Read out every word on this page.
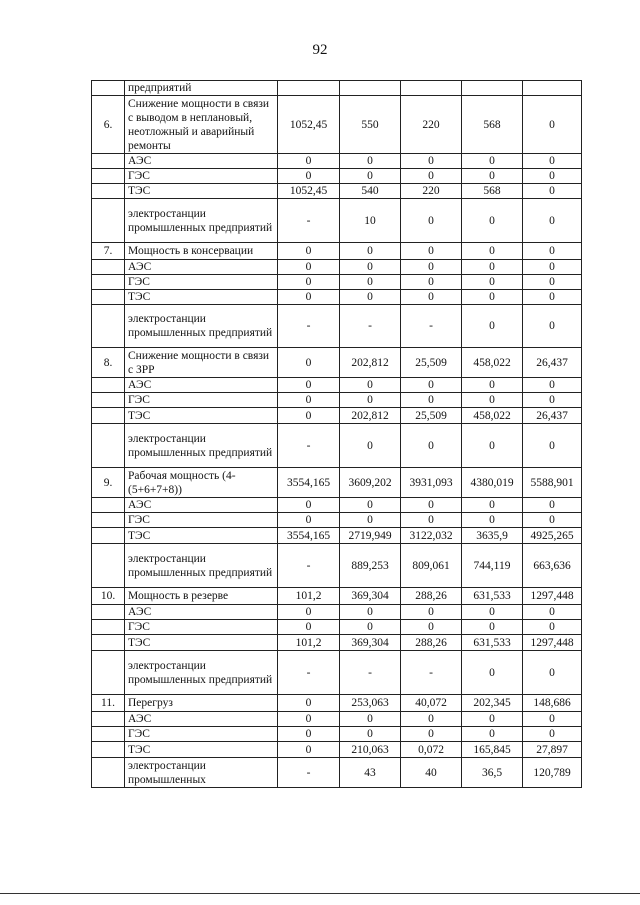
92
	предприятий					
6.	Снижение мощности в связи с выводом в неплановый, неотложный и аварийный ремонты	1052,45	550	220	568	0
	АЭС	0	0	0	0	0
	ГЭС	0	0	0	0	0
	ТЭС	1052,45	540	220	568	0
	электростанции промышленных предприятий	-	10	0	0	0
7.	Мощность в консервации	0	0	0	0	0
	АЭС	0	0	0	0	0
	ГЭС	0	0	0	0	0
	ТЭС	0	0	0	0	0
	электростанции промышленных предприятий	-	-	-	0	0
8.	Снижение мощности в связи с ЗРР	0	202,812	25,509	458,022	26,437
	АЭС	0	0	0	0	0
	ГЭС	0	0	0	0	0
	ТЭС	0	202,812	25,509	458,022	26,437
	электростанции промышленных предприятий	-	0	0	0	0
9.	Рабочая мощность (4-(5+6+7+8))	3554,165	3609,202	3931,093	4380,019	5588,901
	АЭС	0	0	0	0	0
	ГЭС	0	0	0	0	0
	ТЭС	3554,165	2719,949	3122,032	3635,9	4925,265
	электростанции промышленных предприятий	-	889,253	809,061	744,119	663,636
10.	Мощность в резерве	101,2	369,304	288,26	631,533	1297,448
	АЭС	0	0	0	0	0
	ГЭС	0	0	0	0	0
	ТЭС	101,2	369,304	288,26	631,533	1297,448
	электростанции промышленных предприятий	-	-	-	0	0
11.	Перегруз	0	253,063	40,072	202,345	148,686
	АЭС	0	0	0	0	0
	ГЭС	0	0	0	0	0
	ТЭС	0	210,063	0,072	165,845	27,897
	электростанции промышленных	-	43	40	36,5	120,789
